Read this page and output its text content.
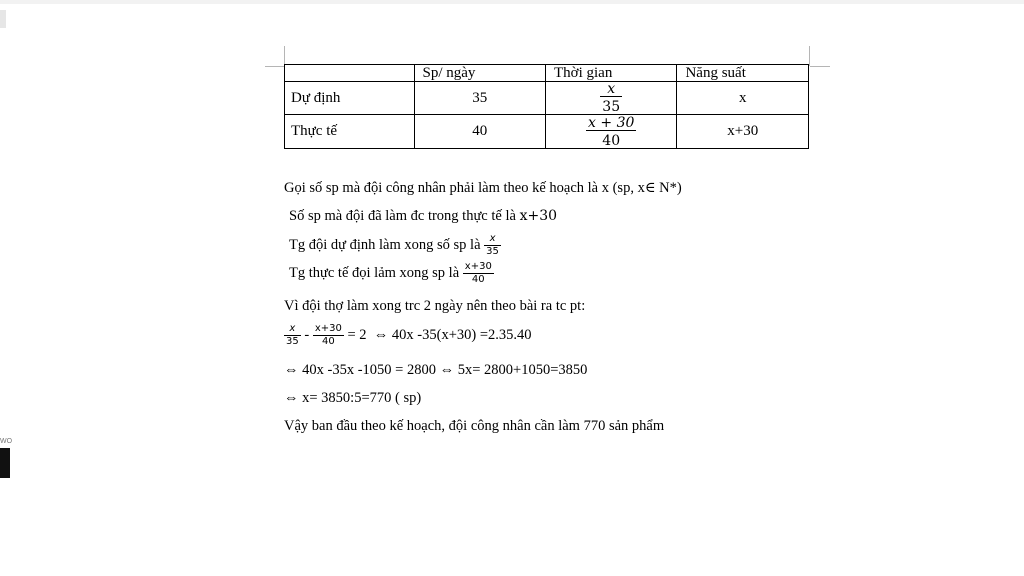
WO
	Sp/ ngày	Thời gian	Năng suất
Dự định	35	$\frac{x}{35}$	x
Thực tế	40	$\frac{x + 30}{40}$	x+30
Gọi số sp mà đội công nhân phải làm theo kế hoạch là x (sp, x∈ N*)
Số sp mà đội đã làm đc trong thực tế là x+30
Tg đội dự định làm xong số sp là $\frac{x}{35}$
Tg thực tế đọi lảm xong sp là $\frac{x+30}{40}$
Vì đội thợ làm xong trc 2 ngày nên theo bài ra tc pt:
$\frac{x}{35} - \frac{x+30}{40} = 2$  ⇔ 40x -35(x+30) =2.35.40
⇔ 40x -35x -1050 = 2800 ⇔ 5x= 2800+1050=3850
⇔ x= 3850:5=770 ( sp)
Vậy ban đầu theo kế hoạch, đội công nhân cần làm 770 sản phẩm
